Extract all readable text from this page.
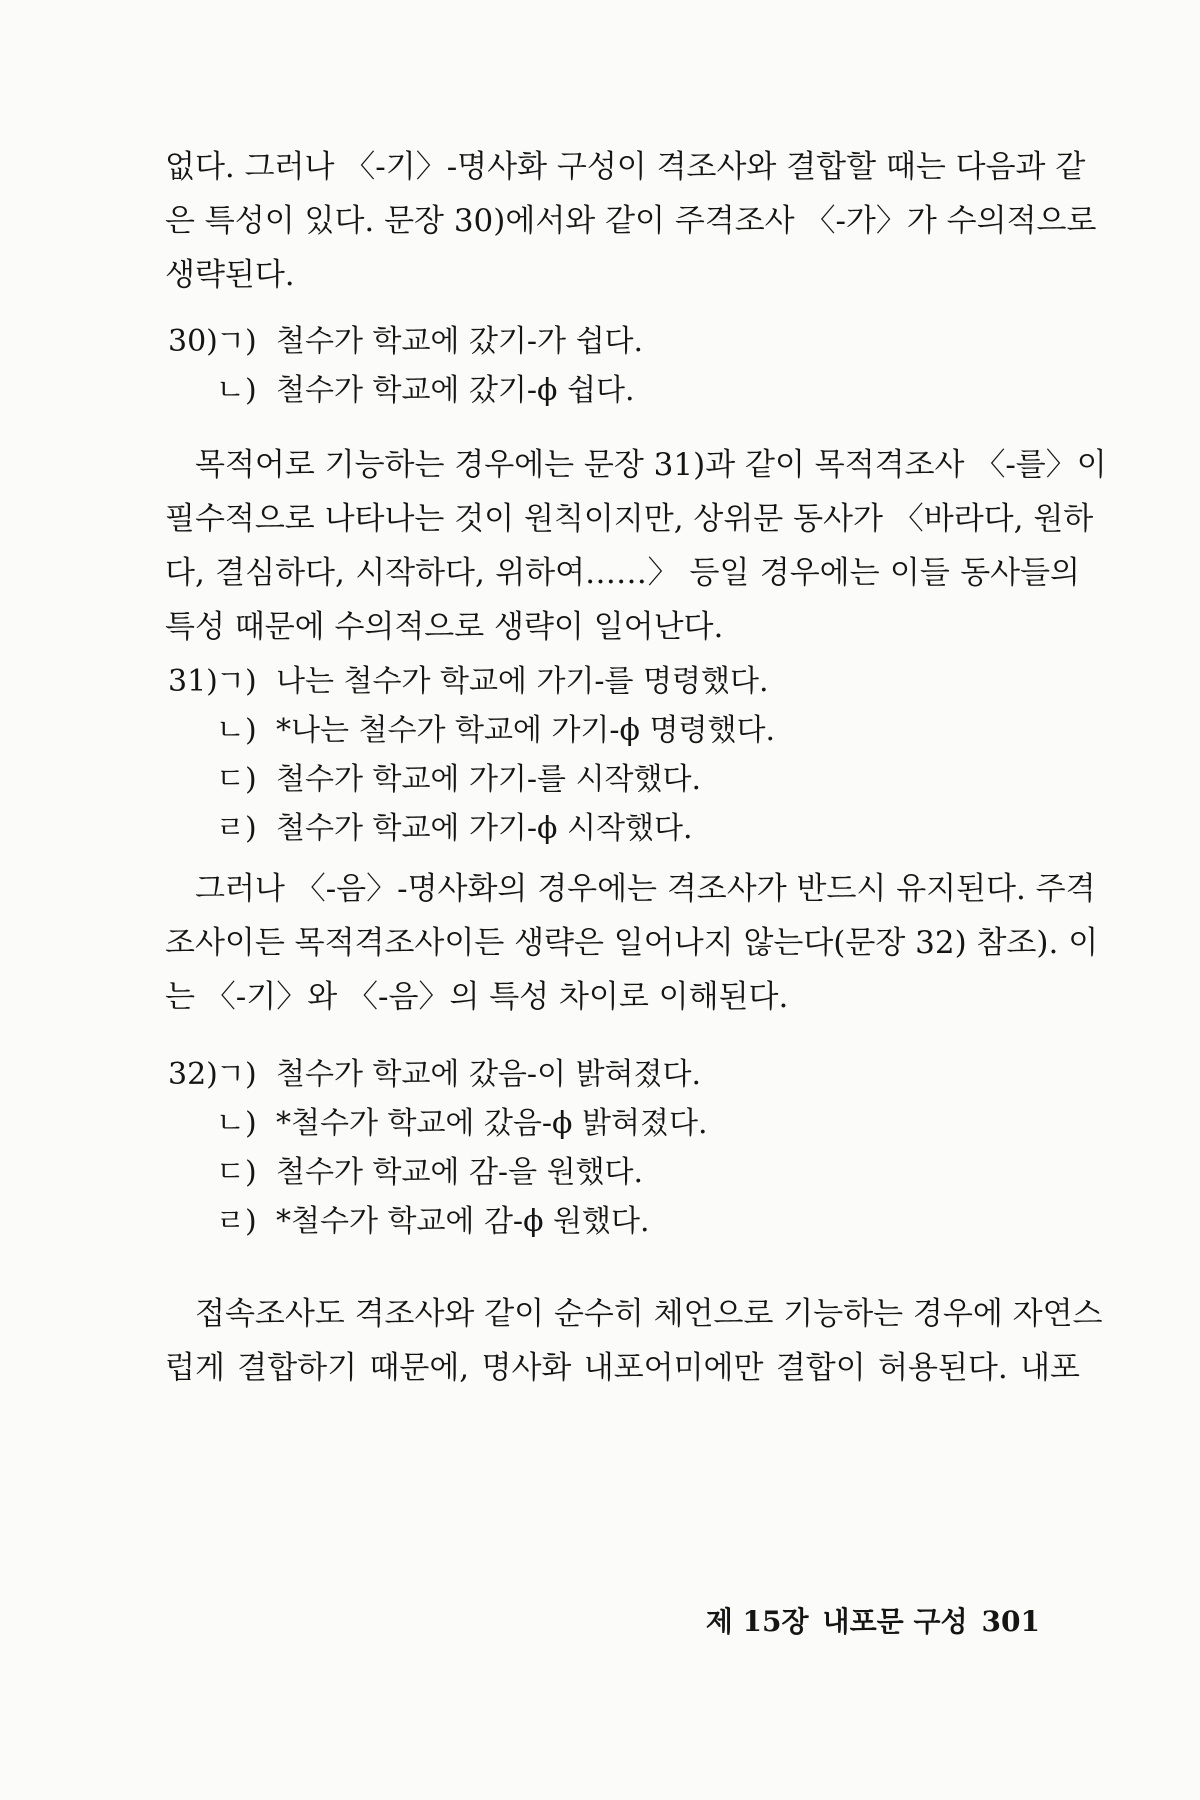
없다. 그러나 〈-기〉-명사화 구성이 격조사와 결합할 때는 다음과 같
은 특성이 있다. 문장 30)에서와 같이 주격조사 〈-가〉가 수의적으로
생략된다.

30)
ㄱ) 철수가 학교에 갔기-가 쉽다.
ㄴ) 철수가 학교에 갔기-ϕ 쉽다.

목적어로 기능하는 경우에는 문장 31)과 같이 목적격조사 〈-를〉이
필수적으로 나타나는 것이 원칙이지만, 상위문 동사가 〈바라다, 원하
다, 결심하다, 시작하다, 위하여……〉 등일 경우에는 이들 동사들의
특성 때문에 수의적으로 생략이 일어난다.

31)
ㄱ) 나는 철수가 학교에 가기-를 명령했다.
ㄴ) *나는 철수가 학교에 가기-ϕ 명령했다.
ㄷ) 철수가 학교에 가기-를 시작했다.
ㄹ) 철수가 학교에 가기-ϕ 시작했다.

그러나 〈-음〉-명사화의 경우에는 격조사가 반드시 유지된다. 주격
조사이든 목적격조사이든 생략은 일어나지 않는다(문장 32) 참조). 이
는 〈-기〉와 〈-음〉의 특성 차이로 이해된다.

32)
ㄱ) 철수가 학교에 갔음-이 밝혀졌다.
ㄴ) *철수가 학교에 갔음-ϕ 밝혀졌다.
ㄷ) 철수가 학교에 감-을 원했다.
ㄹ) *철수가 학교에 감-ϕ 원했다.

접속조사도 격조사와 같이 순수히 체언으로 기능하는 경우에 자연스
럽게 결합하기 때문에, 명사화 내포어미에만 결합이 허용된다. 내포

제 15장 내포문 구성 301
